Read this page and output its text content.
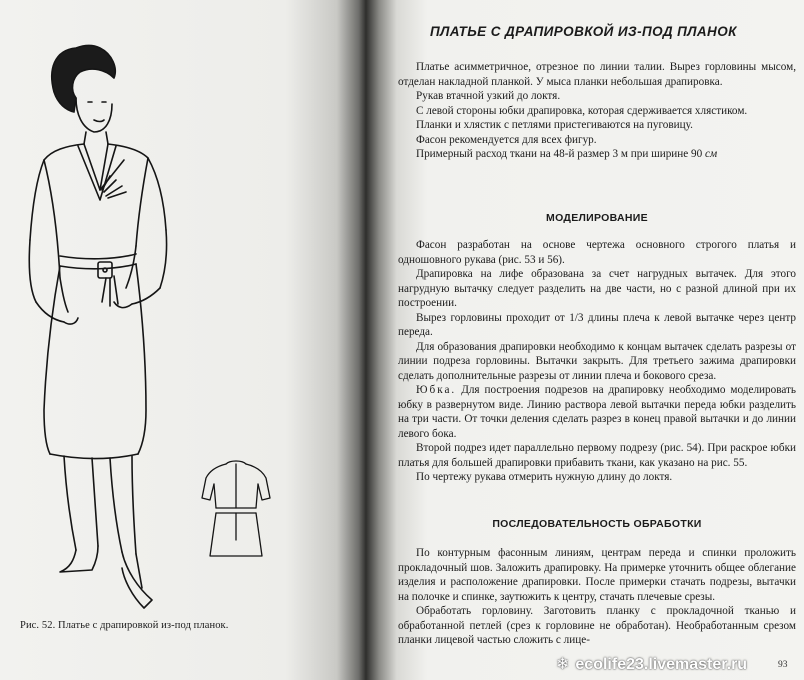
Рис. 52. Платье с драпировкой из-под планок.
ПЛАТЬЕ С ДРАПИРОВКОЙ ИЗ-ПОД ПЛАНОК

Платье асимметричное, отрезное по линии талии. Вырез горловины мысом, отделан накладной планкой. У мыса планки небольшая драпировка.

Рукав втачной узкий до локтя.

С левой стороны юбки драпировка, которая сдерживается хлястиком.

Планки и хлястик с петлями пристегиваются на пуговицу.

Фасон рекомендуется для всех фигур.

Примерный расход ткани на 48-й размер 3 м при ширине 90 см

МОДЕЛИРОВАНИЕ

Фасон разработан на основе чертежа основного строгого платья и одношовного рукава (рис. 53 и 56).

Драпировка на лифе образована за счет нагрудных вытачек. Для этого нагрудную вытачку следует разделить на две части, но с разной длиной при их построении.

Вырез горловины проходит от 1/3 длины плеча к левой вытачке через центр переда.

Для образования драпировки необходимо к концам вытачек сделать разрезы от линии подреза горловины. Вытачки закрыть. Для третьего зажима драпировки сделать дополнительные разрезы от линии плеча и бокового среза.

Юбка. Для построения подрезов на драпировку необходимо моделировать юбку в развернутом виде. Линию раствора левой вытачки переда юбки разделить на три части. От точки деления сделать разрез в конец правой вытачки и до линии левого бока.

Второй подрез идет параллельно первому подрезу (рис. 54). При раскрое юбки платья для большей драпировки прибавить ткани, как указано на рис. 55.

По чертежу рукава отмерить нужную длину до локтя.

ПОСЛЕДОВАТЕЛЬНОСТЬ ОБРАБОТКИ

По контурным фасонным линиям, центрам переда и спинки проложить прокладочный шов. Заложить драпировку. На примерке уточнить общее облегание изделия и расположение драпировки. После примерки стачать подрезы, вытачки на полочке и спинке, заутюжить к центру, стачать плечевые срезы.

Обработать горловину. Заготовить планку с прокладочной тканью и обработанной петлей (срез к горловине не обработан). Необработанным срезом планки лицевой частью сложить с лице-

93
❄ ecolife23.livemaster.ru
